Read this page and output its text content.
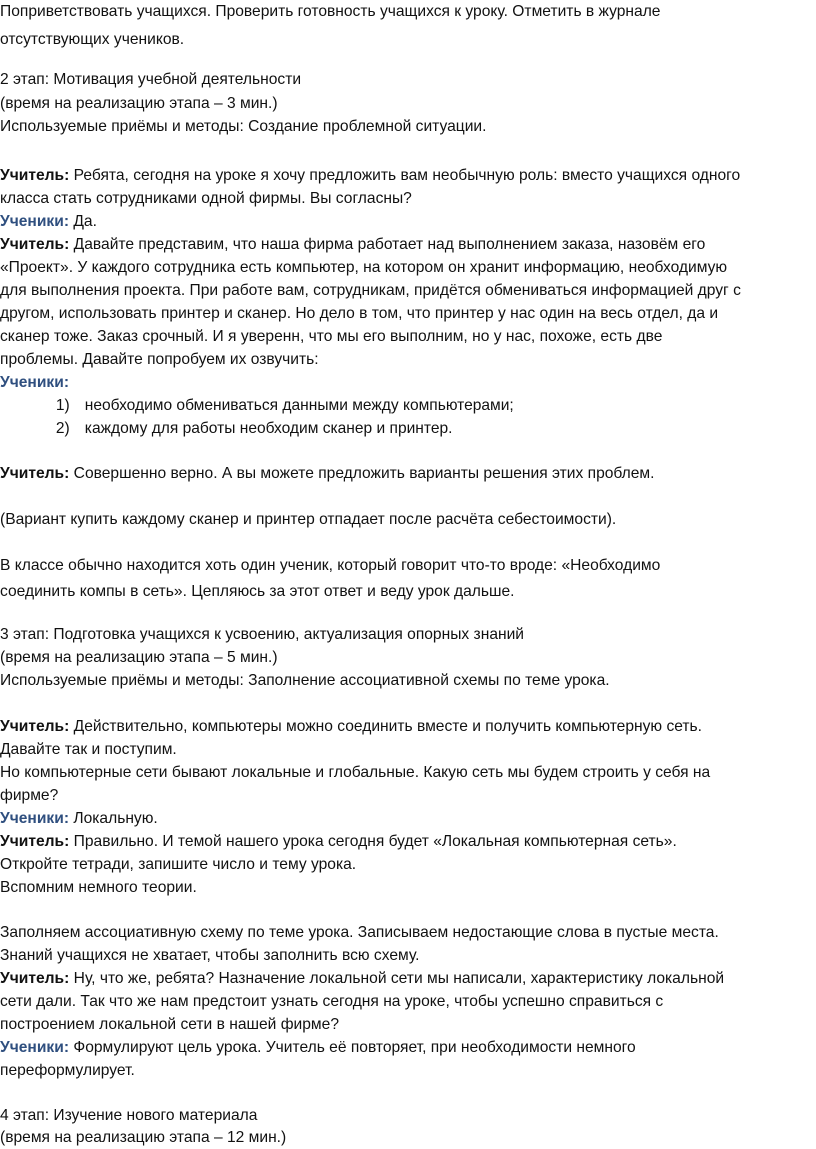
Поприветствовать учащихся. Проверить готовность учащихся к уроку. Отметить в журнале
отсутствующих учеников.
2 этап: Мотивация учебной деятельности
(время на реализацию этапа – 3 мин.)
Используемые приёмы и методы: Создание проблемной ситуации.
Учитель: Ребята, сегодня на уроке я хочу предложить вам необычную роль: вместо учащихся одного
класса стать сотрудниками одной фирмы. Вы согласны?
Ученики: Да.
Учитель: Давайте представим, что наша фирма работает над выполнением заказа, назовём его
«Проект». У каждого сотрудника есть компьютер, на котором он хранит информацию, необходимую
для выполнения проекта. При работе вам, сотрудникам, придётся обмениваться информацией друг с
другом, использовать принтер и сканер. Но дело в том, что принтер у нас один на весь отдел, да и
сканер тоже. Заказ срочный. И я уверенн, что мы его выполним, но у нас, похоже, есть две
проблемы. Давайте попробуем их озвучить:
Ученики:
1) необходимо обмениваться данными между компьютерами;
2) каждому для работы необходим сканер и принтер.
Учитель: Совершенно верно. А вы можете предложить варианты решения этих проблем.
(Вариант купить каждому сканер и принтер отпадает после расчёта себестоимости).
В классе обычно находится хоть один ученик, который говорит что-то вроде: «Необходимо
соединить компы в сеть». Цепляюсь за этот ответ и веду урок дальше.
3 этап: Подготовка учащихся к усвоению, актуализация опорных знаний
(время на реализацию этапа – 5 мин.)
Используемые приёмы и методы: Заполнение ассоциативной схемы по теме урока.
Учитель: Действительно, компьютеры можно соединить вместе и получить компьютерную сеть.
Давайте так и поступим.
Но компьютерные сети бывают локальные и глобальные. Какую сеть мы будем строить у себя на
фирме?
Ученики: Локальную.
Учитель: Правильно. И темой нашего урока сегодня будет «Локальная компьютерная сеть».
Откройте тетради, запишите число и тему урока.
Вспомним немного теории.
Заполняем ассоциативную схему по теме урока. Записываем недостающие слова в пустые места.
Знаний учащихся не хватает, чтобы заполнить всю схему.
Учитель: Ну, что же, ребята? Назначение локальной сети мы написали, характеристику локальной
сети дали. Так что же нам предстоит узнать сегодня на уроке, чтобы успешно справиться с
построением локальной сети в нашей фирме?
Ученики: Формулируют цель урока. Учитель её повторяет, при необходимости немного
переформулирует.
4 этап: Изучение нового материала
(время на реализацию этапа – 12 мин.)
